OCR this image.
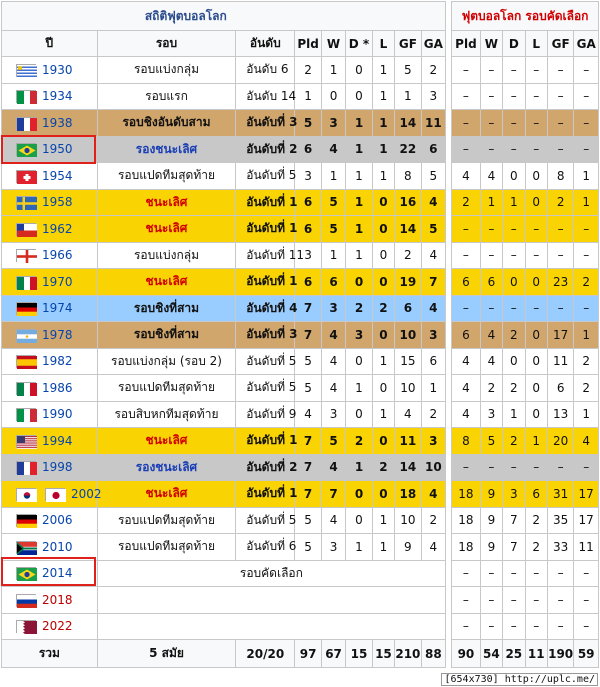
			สถิติฟุตบอลโลก							ฟุตบอลโลก รอบคัดเลือก					
ปี	รอบ	อันดับ	Pld	W	D *	L	GF	GA		Pld	W	D	L	GF	GA

1930	รอบแบ่งกลุ่ม	อันดับ 6	2	1	0	1	5	2		–	–	–	–	–	–

1934	รอบแรก	อันดับ 14	1	0	0	1	1	3		–	–	–	–	–	–

1938	รอบชิงอันดับสาม	อันดับที่ 3	5	3	1	1	14	11		–	–	–	–	–	–

1950	รองชนะเลิศ	อันดับที่ 2	6	4	1	1	22	6		–	–	–	–	–	–

1954	รอบแปดทีมสุดท้าย	อันดับที่ 5	3	1	1	1	8	5		4	4	0	0	8	1

1958	ชนะเลิศ	อันดับที่ 1	6	5	1	0	16	4		2	1	1	0	2	1

1962	ชนะเลิศ	อันดับที่ 1	6	5	1	0	14	5		–	–	–	–	–	–

1966	รอบแบ่งกลุ่ม	อันดับที่ 11	3	1	1	0	2	4		–	–	–	–	–	–

1970	ชนะเลิศ	อันดับที่ 1	6	6	0	0	19	7		6	6	0	0	23	2

1974	รอบชิงที่สาม	อันดับที่ 4	7	3	2	2	6	4		–	–	–	–	–	–

1978	รอบชิงที่สาม	อันดับที่ 3	7	4	3	0	10	3		6	4	2	0	17	1

1982	รอบแบ่งกลุ่ม (รอบ 2)	อันดับที่ 5	5	4	0	1	15	6		4	4	0	0	11	2

1986	รอบแปดทีมสุดท้าย	อันดับที่ 5	5	4	1	0	10	1		4	2	2	0	6	2

1990	รอบสิบหกทีมสุดท้าย	อันดับที่ 9	4	3	0	1	4	2		4	3	1	0	13	1

1994	ชนะเลิศ	อันดับที่ 1	7	5	2	0	11	3		8	5	2	1	20	4

1998	รองชนะเลิศ	อันดับที่ 2	7	4	1	2	14	10		–	–	–	–	–	–

2002	ชนะเลิศ	อันดับที่ 1	7	7	0	0	18	4		18	9	3	6	31	17

2006	รอบแปดทีมสุดท้าย	อันดับที่ 5	5	4	0	1	10	2		18	9	7	2	35	17

2010	รอบแปดทีมสุดท้าย	อันดับที่ 6	5	3	1	1	9	4		18	9	7	2	33	11

2014	รอบคัดเลือก									–	–	–	–	–	–

2018										–	–	–	–	–	–

2022										–	–	–	–	–	–
รวม	5 สมัย	20/20	97	67	15	15	210	88		90	54	25	11	190	59
[654x730] http://uplc.me/
